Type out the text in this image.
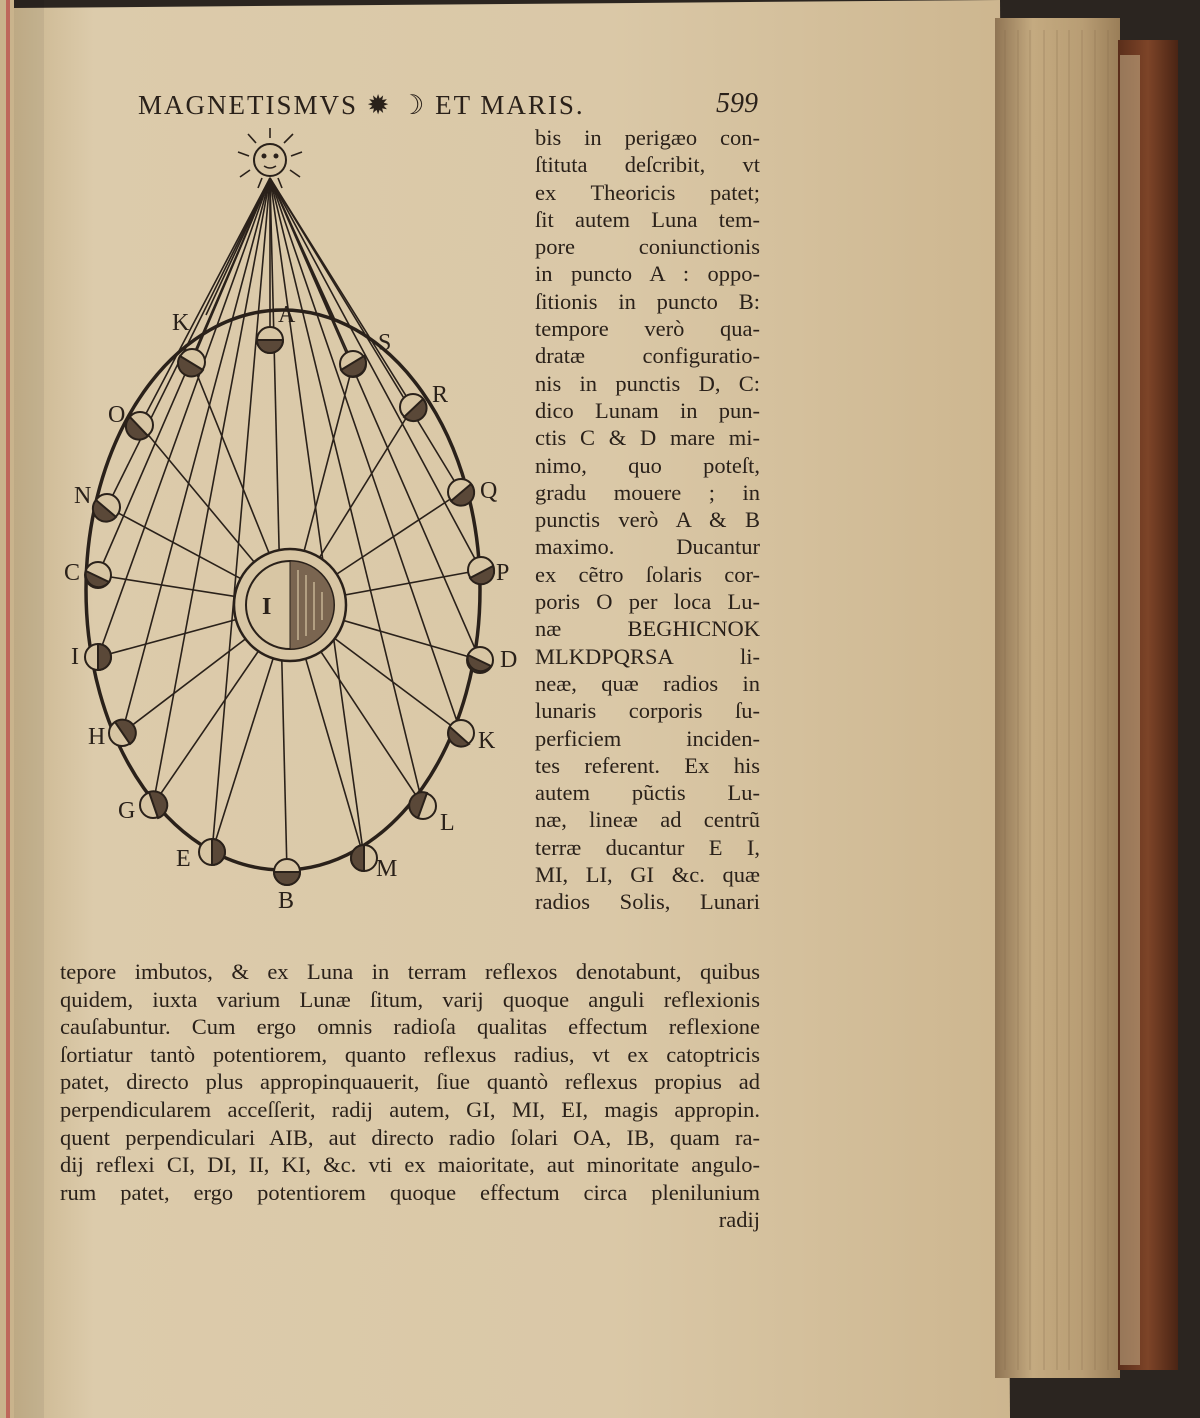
A
S
K
R
O
Q
N
C	P
I	D
H	K
G	L
E	M
B
I
MAGNETISMVS ✹ ☽ ET MARIS.	599
bis in perigæo con-
ſtituta deſcribit, vt
ex Theoricis patet;
ſit autem Luna tem-
pore coniunctionis
in puncto A : oppo-
ſitionis in puncto B:
tempore verò qua-
dratæ configuratio-
nis in punctis D, C:
dico Lunam in pun-
ctis C & D mare mi-
nimo, quo poteſt,
gradu mouere ; in
punctis verò A & B
maximo. Ducantur
ex cẽtro ſolaris cor-
poris O per loca Lu-
næ BEGHICNOK
MLKDPQRSA li-
neæ, quæ radios in
lunaris corporis ſu-
perficiem inciden-
tes referent. Ex his
autem pũctis Lu-
næ, lineæ ad centrũ
terræ ducantur E I,
MI, LI, GI &c. quæ
radios Solis, Lunari
tepore imbutos, & ex Luna in terram reflexos denotabunt, quibus
quidem, iuxta varium Lunæ ſitum, varij quoque anguli reflexionis
cauſabuntur. Cum ergo omnis radioſa qualitas effectum reflexione
ſortiatur tantò potentiorem, quanto reflexus radius, vt ex catoptricis
patet, directo plus appropinquauerit, ſiue quantò reflexus propius ad
perpendicularem acceſſerit, radij autem, GI, MI, EI, magis appropin.
quent perpendiculari AIB, aut directo radio ſolari OA, IB, quam ra-
dij reflexi CI, DI, II, KI, &c. vti ex maioritate, aut minoritate angulo-
rum patet, ergo potentiorem quoque effectum circa plenilunium
radij
